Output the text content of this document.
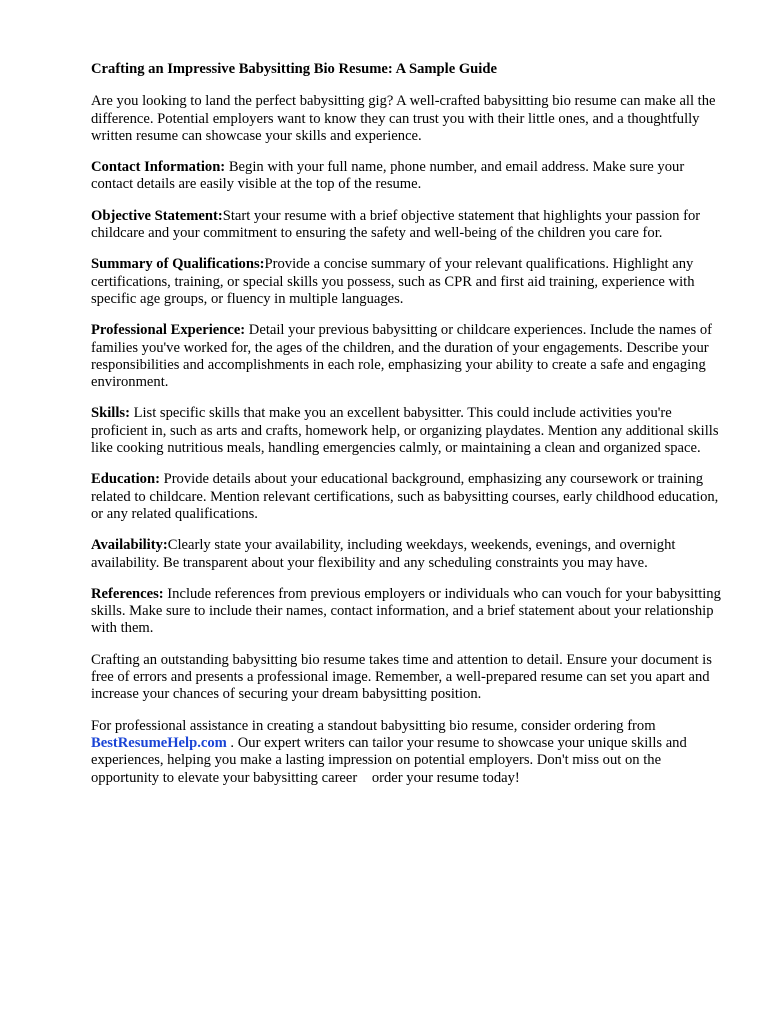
Crafting an Impressive Babysitting Bio Resume: A Sample Guide
Are you looking to land the perfect babysitting gig? A well-crafted babysitting bio resume can make all the difference. Potential employers want to know they can trust you with their little ones, and a thoughtfully written resume can showcase your skills and experience.
Contact Information: Begin with your full name, phone number, and email address. Make sure your contact details are easily visible at the top of the resume.
Objective Statement:Start your resume with a brief objective statement that highlights your passion for childcare and your commitment to ensuring the safety and well-being of the children you care for.
Summary of Qualifications:Provide a concise summary of your relevant qualifications. Highlight any certifications, training, or special skills you possess, such as CPR and first aid training, experience with specific age groups, or fluency in multiple languages.
Professional Experience: Detail your previous babysitting or childcare experiences. Include the names of families you've worked for, the ages of the children, and the duration of your engagements. Describe your responsibilities and accomplishments in each role, emphasizing your ability to create a safe and engaging environment.
Skills: List specific skills that make you an excellent babysitter. This could include activities you're proficient in, such as arts and crafts, homework help, or organizing playdates. Mention any additional skills like cooking nutritious meals, handling emergencies calmly, or maintaining a clean and organized space.
Education: Provide details about your educational background, emphasizing any coursework or training related to childcare. Mention relevant certifications, such as babysitting courses, early childhood education, or any related qualifications.
Availability:Clearly state your availability, including weekdays, weekends, evenings, and overnight availability. Be transparent about your flexibility and any scheduling constraints you may have.
References: Include references from previous employers or individuals who can vouch for your babysitting skills. Make sure to include their names, contact information, and a brief statement about your relationship with them.
Crafting an outstanding babysitting bio resume takes time and attention to detail. Ensure your document is free of errors and presents a professional image. Remember, a well-prepared resume can set you apart and increase your chances of securing your dream babysitting position.
For professional assistance in creating a standout babysitting bio resume, consider ordering from BestResumeHelp.com . Our expert writers can tailor your resume to showcase your unique skills and experiences, helping you make a lasting impression on potential employers. Don't miss out on the opportunity to elevate your babysitting career    order your resume today!
